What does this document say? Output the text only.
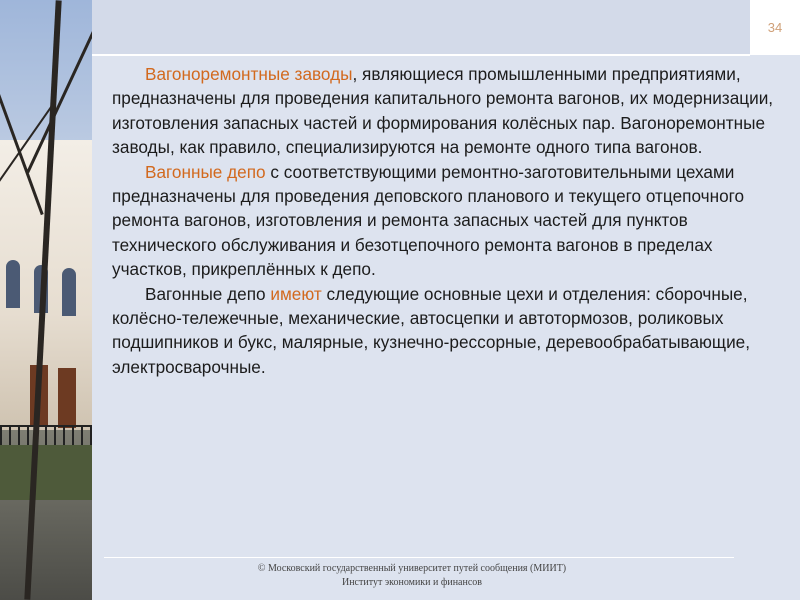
34

Вагоноремонтные заводы, являющиеся промышленными предприятиями, предназначены для проведения капитального ремонта вагонов, их модернизации, изготовления запасных частей и формирования колёсных пар. Вагоноремонтные заводы, как правило, специализируются на ремонте одного типа вагонов.

Вагонные депо с соответствующими ремонтно-заготовительными цехами предназначены для проведения деповского планового и текущего отцепочного ремонта вагонов, изготовления и ремонта запасных частей для пунктов технического обслуживания и безотцепочного ремонта вагонов в пределах участков, прикреплённых к депо.

Вагонные депо имеют следующие основные цехи и отделения: сборочные, колёсно-тележечные, механические, автосцепки и автотормозов, роликовых подшипников и букс, малярные, кузнечно-рессорные, деревообрабатывающие, электросварочные.

© Московский государственный университет путей сообщения (МИИТ)
Институт экономики и финансов
